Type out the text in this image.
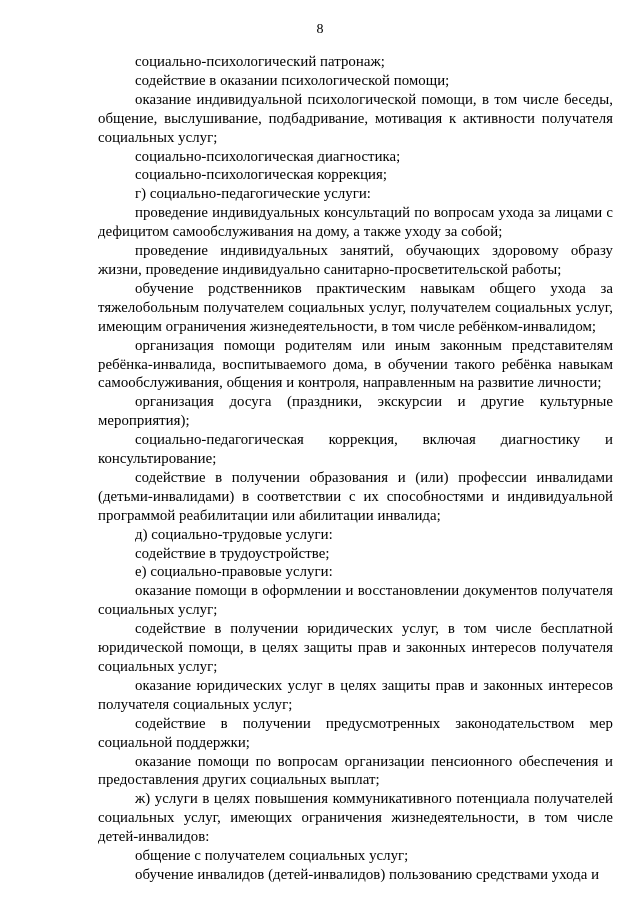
8

социально-психологический патронаж;

содействие в оказании психологической помощи;

оказание индивидуальной психологической помощи, в том числе беседы, общение, выслушивание, подбадривание, мотивация к активности получателя социальных услуг;

социально-психологическая диагностика;

социально-психологическая коррекция;

г) социально-педагогические услуги:

проведение индивидуальных консультаций по вопросам ухода за лицами с дефицитом самообслуживания на дому, а также уходу за собой;

проведение индивидуальных занятий, обучающих здоровому образу жизни, проведение индивидуально санитарно-просветительской работы;

обучение родственников практическим навыкам общего ухода за тяжелобольным получателем социальных услуг, получателем социальных услуг, имеющим ограничения жизнедеятельности, в том числе ребёнком-инвалидом;

организация помощи родителям или иным законным представителям ребёнка-инвалида, воспитываемого дома, в обучении такого ребёнка навыкам самообслуживания, общения и контроля, направленным на развитие личности;

организация досуга (праздники, экскурсии и другие культурные мероприятия);

социально-педагогическая коррекция, включая диагностику и консультирование;

содействие в получении образования и (или) профессии инвалидами (детьми-инвалидами) в соответствии с их способностями и индивидуальной программой реабилитации или абилитации инвалида;

д) социально-трудовые услуги:

содействие в трудоустройстве;

е) социально-правовые услуги:

оказание помощи в оформлении и восстановлении документов получателя социальных услуг;

содействие в получении юридических услуг, в том числе бесплатной юридической помощи, в целях защиты прав и законных интересов получателя социальных услуг;

оказание юридических услуг в целях защиты прав и законных интересов получателя социальных услуг;

содействие в получении предусмотренных законодательством мер социальной поддержки;

оказание помощи по вопросам организации пенсионного обеспечения и предоставления других социальных выплат;

ж) услуги в целях повышения коммуникативного потенциала получателей социальных услуг, имеющих ограничения жизнедеятельности, в том числе детей-инвалидов:

общение с получателем социальных услуг;

обучение инвалидов (детей-инвалидов) пользованию средствами ухода и
